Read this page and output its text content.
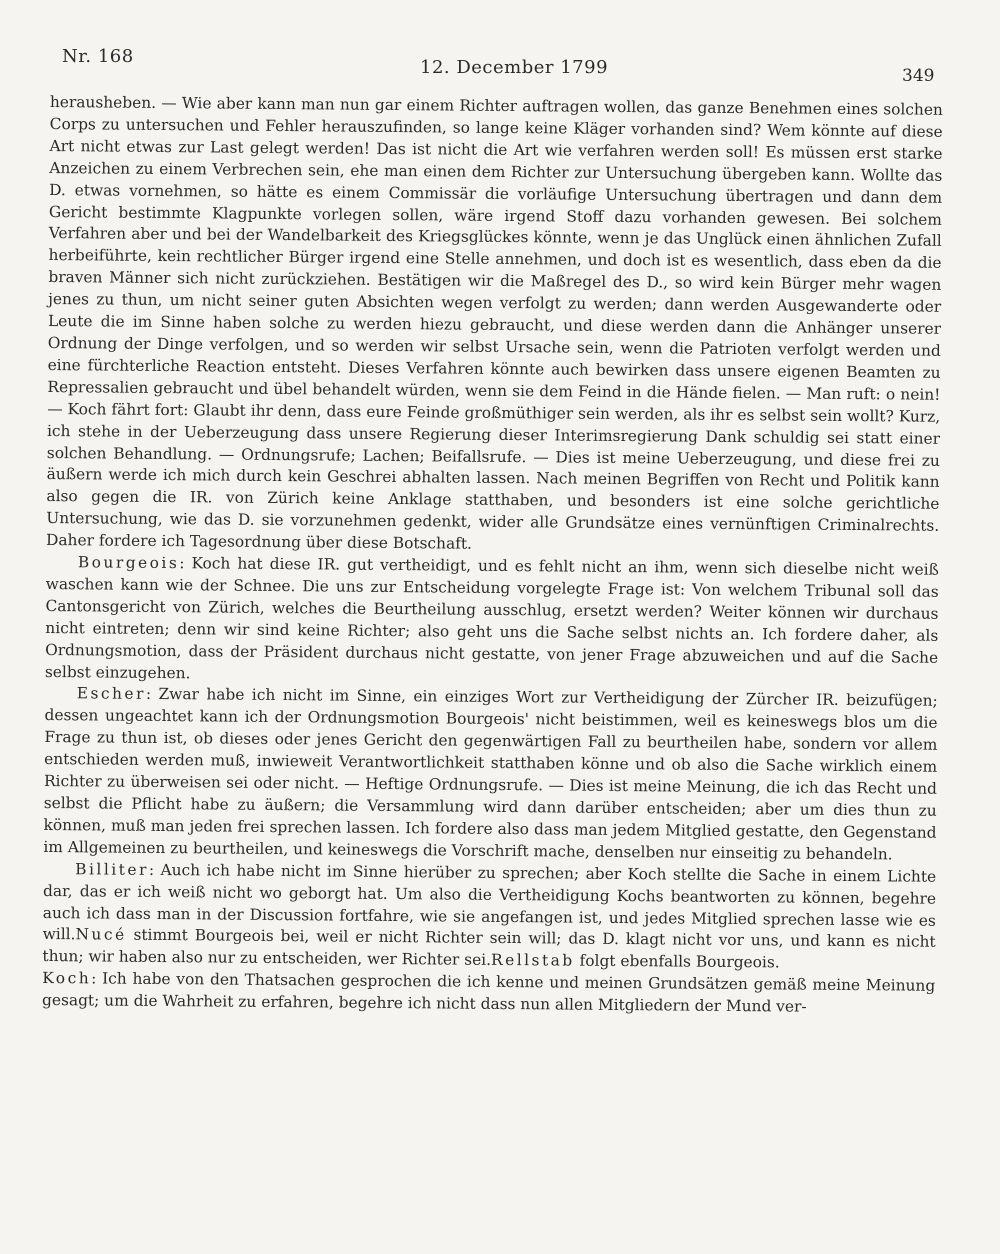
Nr. 168
12. December 1799	349

herausheben. — Wie aber kann man nun gar einem Richter auftragen wollen, das ganze Benehmen eines solchen Corps zu untersuchen und Fehler herauszufinden, so lange keine Kläger vorhanden sind? Wem könnte auf diese Art nicht etwas zur Last gelegt werden! Das ist nicht die Art wie verfahren werden soll! Es müssen erst starke Anzeichen zu einem Verbrechen sein, ehe man einen dem Richter zur Untersuchung übergeben kann. Wollte das D. etwas vornehmen, so hätte es einem Commissär die vorläufige Untersuchung übertragen und dann dem Gericht bestimmte Klagpunkte vorlegen sollen, wäre irgend Stoff dazu vorhanden gewesen. Bei solchem Verfahren aber und bei der Wandelbarkeit des Kriegsglückes könnte, wenn je das Unglück einen ähnlichen Zufall herbeiführte, kein rechtlicher Bürger irgend eine Stelle annehmen, und doch ist es wesentlich, dass eben da die braven Männer sich nicht zurückziehen. Bestätigen wir die Maßregel des D., so wird kein Bürger mehr wagen jenes zu thun, um nicht seiner guten Absichten wegen verfolgt zu werden; dann werden Ausgewanderte oder Leute die im Sinne haben solche zu werden hiezu gebraucht, und diese werden dann die Anhänger unserer Ordnung der Dinge verfolgen, und so werden wir selbst Ursache sein, wenn die Patrioten verfolgt werden und eine fürchterliche Reaction entsteht. Dieses Verfahren könnte auch bewirken dass unsere eigenen Beamten zu Repressalien gebraucht und übel behandelt würden, wenn sie dem Feind in die Hände fielen. — Man ruft: o nein! — Koch fährt fort: Glaubt ihr denn, dass eure Feinde großmüthiger sein werden, als ihr es selbst sein wollt? Kurz, ich stehe in der Ueberzeugung dass unsere Regierung dieser Interimsregierung Dank schuldig sei statt einer solchen Behandlung. — Ordnungsrufe; Lachen; Beifallsrufe. — Dies ist meine Ueberzeugung, und diese frei zu äußern werde ich mich durch kein Geschrei abhalten lassen. Nach meinen Begriffen von Recht und Politik kann also gegen die IR. von Zürich keine Anklage statthaben, und besonders ist eine solche gerichtliche Untersuchung, wie das D. sie vorzunehmen gedenkt, wider alle Grundsätze eines vernünftigen Criminalrechts. Daher fordere ich Tagesordnung über diese Botschaft.

Bourgeois: Koch hat diese IR. gut vertheidigt, und es fehlt nicht an ihm, wenn sich dieselbe nicht weiß waschen kann wie der Schnee. Die uns zur Entscheidung vorgelegte Frage ist: Von welchem Tribunal soll das Cantonsgericht von Zürich, welches die Beurtheilung ausschlug, ersetzt werden? Weiter können wir durchaus nicht eintreten; denn wir sind keine Richter; also geht uns die Sache selbst nichts an. Ich fordere daher, als Ordnungsmotion, dass der Präsident durchaus nicht gestatte, von jener Frage abzuweichen und auf die Sache selbst einzugehen.

Escher: Zwar habe ich nicht im Sinne, ein einziges Wort zur Vertheidigung der Zürcher IR. beizufügen; dessen ungeachtet kann ich der Ordnungsmotion Bourgeois' nicht beistimmen, weil es keineswegs blos um die Frage zu thun ist, ob dieses oder jenes Gericht den gegenwärtigen Fall zu beurtheilen habe, sondern vor allem entschieden werden muß, inwieweit Verantwortlichkeit statthaben könne und ob also die Sache wirklich einem Richter zu überweisen sei oder nicht. — Heftige Ordnungsrufe. — Dies ist meine Meinung, die ich das Recht und selbst die Pflicht habe zu äußern; die Versammlung wird dann darüber entscheiden; aber um dies thun zu können, muß man jeden frei sprechen lassen. Ich fordere also dass man jedem Mitglied gestatte, den Gegenstand im Allgemeinen zu beurtheilen, und keineswegs die Vorschrift mache, denselben nur einseitig zu behandeln.

Billiter: Auch ich habe nicht im Sinne hierüber zu sprechen; aber Koch stellte die Sache in einem Lichte dar, das er ich weiß nicht wo geborgt hat. Um also die Vertheidigung Kochs beantworten zu können, begehre auch ich dass man in der Discussion fortfahre, wie sie angefangen ist, und jedes Mitglied sprechen lasse wie es will.Nucé stimmt Bourgeois bei, weil er nicht Richter sein will; das D. klagt nicht vor uns, und kann es nicht thun; wir haben also nur zu entscheiden, wer Richter sei.Rellstab folgt ebenfalls Bourgeois.

Koch: Ich habe von den Thatsachen gesprochen die ich kenne und meinen Grundsätzen gemäß meine Meinung gesagt; um die Wahrheit zu erfahren, begehre ich nicht dass nun allen Mitgliedern der Mund ver-
